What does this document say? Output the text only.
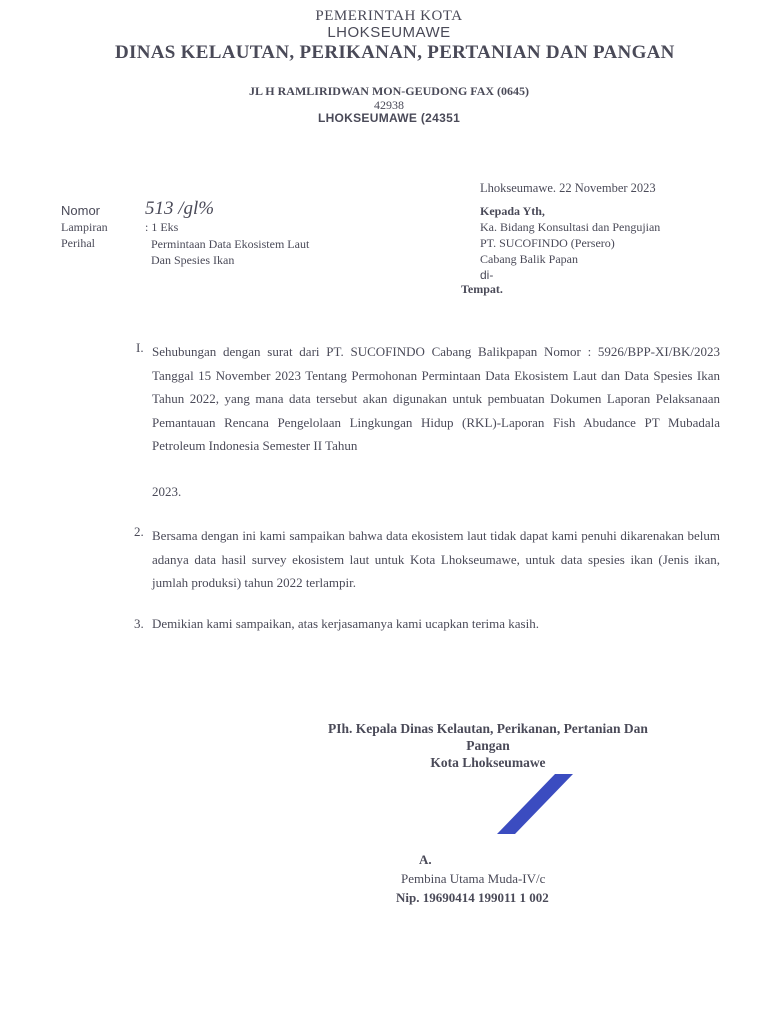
PEMERINTAH KOTA
LHOKSEUMAWE
DINAS KELAUTAN, PERIKANAN, PERTANIAN DAN PANGAN
JL H RAMLIRIDWAN MON-GEUDONG FAX (0645)
42938
LHOKSEUMAWE (24351
Lhokseumawe. 22 November 2023
Nomor 513 /gl%
Lampiran	: 1 Eks
Perihal	Permintaan Data Ekosistem Laut
Dan Spesies Ikan
Kepada Yth,
Ka. Bidang Konsultasi dan Pengujian
PT. SUCOFINDO (Persero)
Cabang Balik Papan
di-
Tempat.
I. Sehubungan dengan surat dari PT. SUCOFINDO Cabang Balikpapan Nomor : 5926/BPP-XI/BK/2023 Tanggal 15 November 2023 Tentang Permohonan Permintaan Data Ekosistem Laut dan Data Spesies Ikan Tahun 2022, yang mana data tersebut akan digunakan untuk pembuatan Dokumen Laporan Pelaksanaan Pemantauan Rencana Pengelolaan Lingkungan Hidup (RKL)-Laporan Fish Abudance PT Mubadala Petroleum Indonesia Semester II Tahun
2023.
2. Bersama dengan ini kami sampaikan bahwa data ekosistem laut tidak dapat kami penuhi dikarenakan belum adanya data hasil survey ekosistem laut untuk Kota Lhokseumawe, untuk data spesies ikan (Jenis ikan, jumlah produksi) tahun 2022 terlampir.
3. Demikian kami sampaikan, atas kerjasamanya kami ucapkan terima kasih.
PIh. Kepala Dinas Kelautan, Perikanan, Pertanian Dan
Pangan
Kota Lhokseumawe
A.
Pembina Utama Muda-IV/c
Nip. 19690414 199011 1 002
